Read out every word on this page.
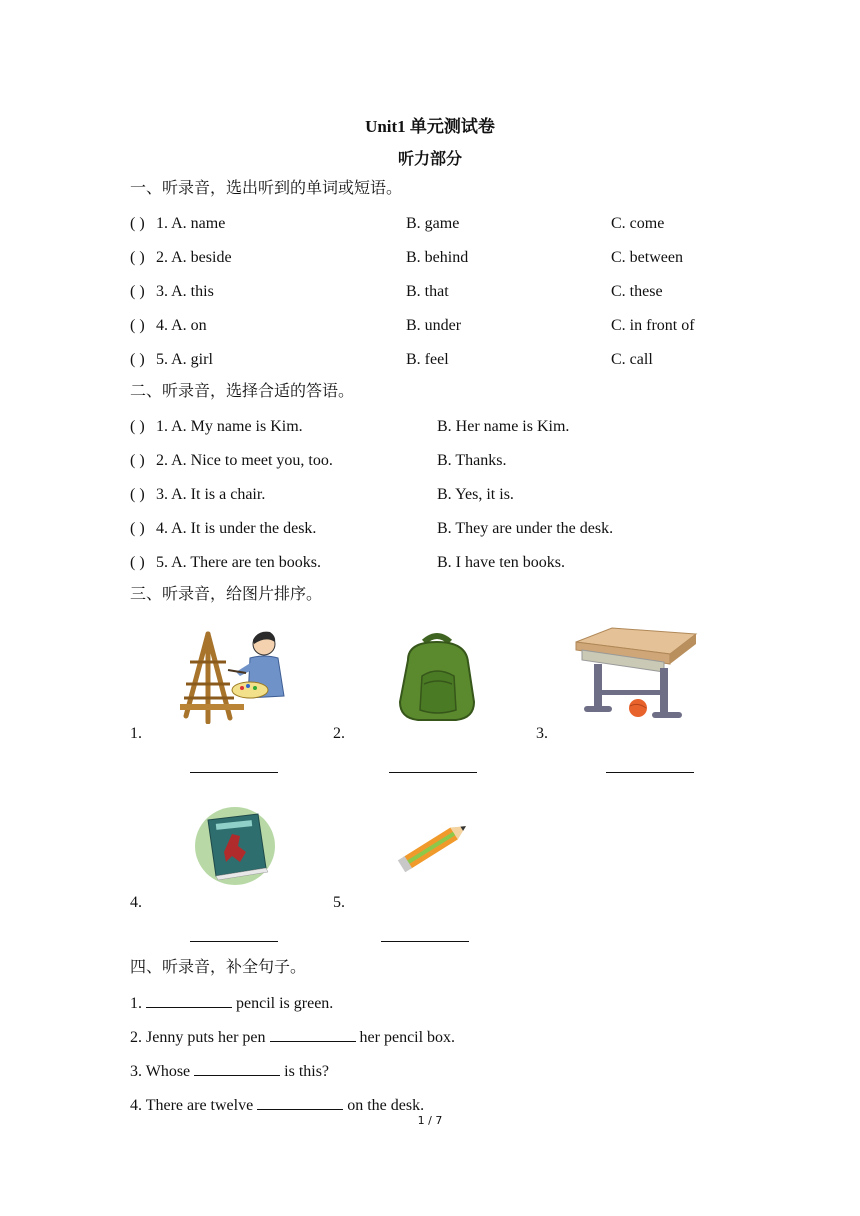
Unit1 单元测试卷
听力部分
一、听录音，选出听到的单词或短语。
( ) 1. A. name	B. game	C. come
( ) 2. A. beside	B. behind	C. between
( ) 3. A. this	B. that	C. these
( ) 4. A. on	B. under	C. in front of
( ) 5. A. girl	B. feel	C. call
二、听录音，选择合适的答语。
( ) 1. A. My name is Kim.	B. Her name is Kim.
( ) 2. A. Nice to meet you, too.	B. Thanks.
( ) 3. A. It is a chair.	B. Yes, it is.
( ) 4. A. It is under the desk.	B. They are under the desk.
( ) 5. A. There are ten books.	B. I have ten books.
三、听录音，给图片排序。
1.	2.	3.
4.	5.
四、听录音，补全句子。
1.	pencil is green.
2. Jenny puts her pen	her pencil box.
3. Whose	is this?
4. There are twelve	on the desk.
1 / 7
